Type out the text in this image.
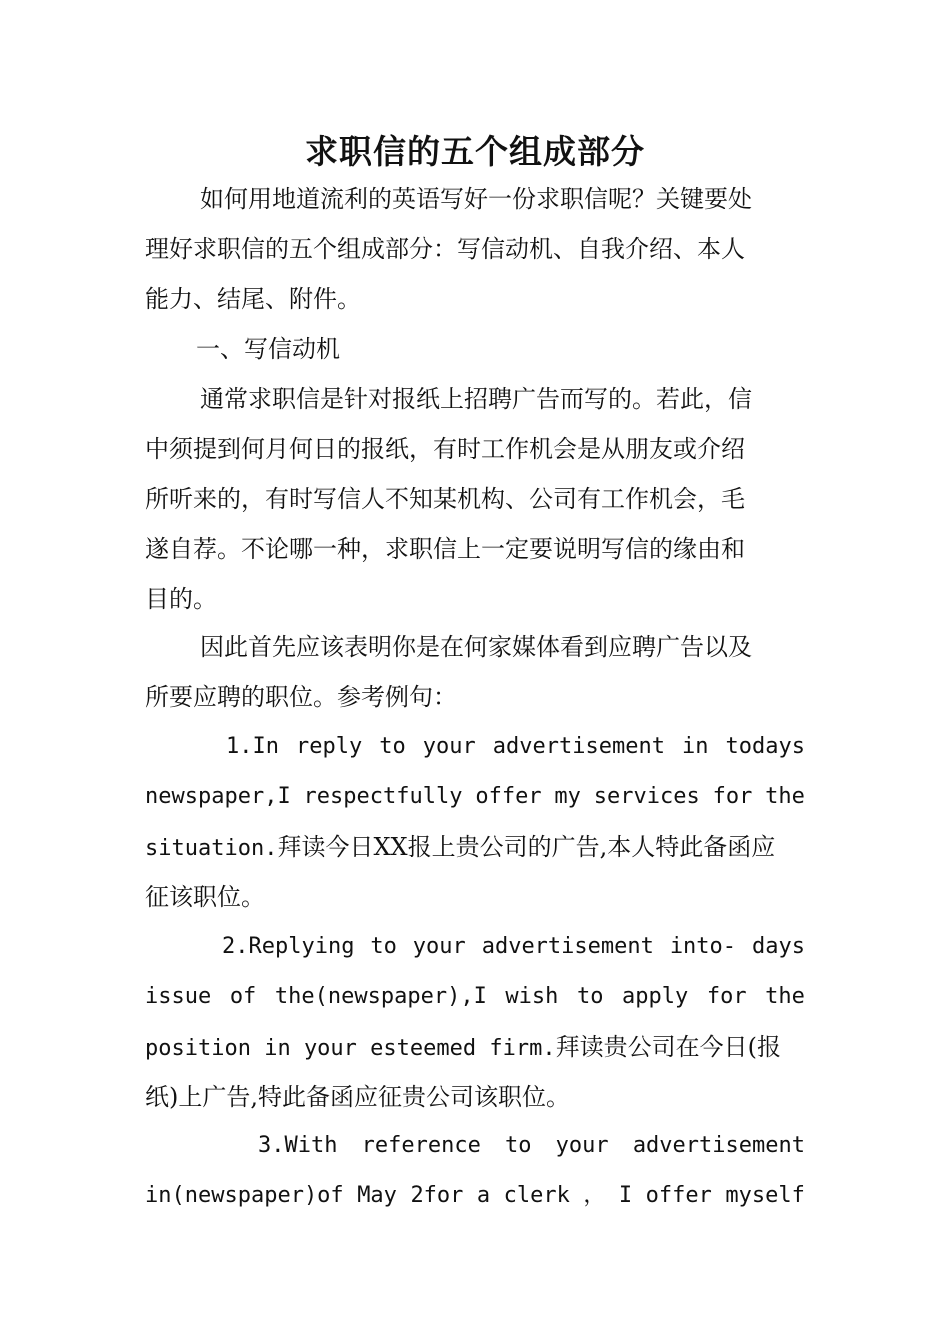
求职信的五个组成部分
如何用地道流利的英语写好一份求职信呢？关键要处
理好求职信的五个组成部分：写信动机、自我介绍、本人
能力、结尾、附件。
一、写信动机
通常求职信是针对报纸上招聘广告而写的。若此，信
中须提到何月何日的报纸，有时工作机会是从朋友或介绍
所听来的，有时写信人不知某机构、公司有工作机会，毛
遂自荐。不论哪一种，求职信上一定要说明写信的缘由和
目的。
因此首先应该表明你是在何家媒体看到应聘广告以及
所要应聘的职位。参考例句：
1.In reply to your advertisement in todays
newspaper,I respectfully offer my services for the
situation.拜读今日XX报上贵公司的广告,本人特此备函应
征该职位。
2.Replying to your advertisement into- days
issue of the(newspaper),I wish to apply for the
position in your esteemed firm.拜读贵公司在今日(报
纸)上广告,特此备函应征贵公司该职位。
3.With reference to your advertisement
in(newspaper)of May 2for a clerk ， I offer myself
